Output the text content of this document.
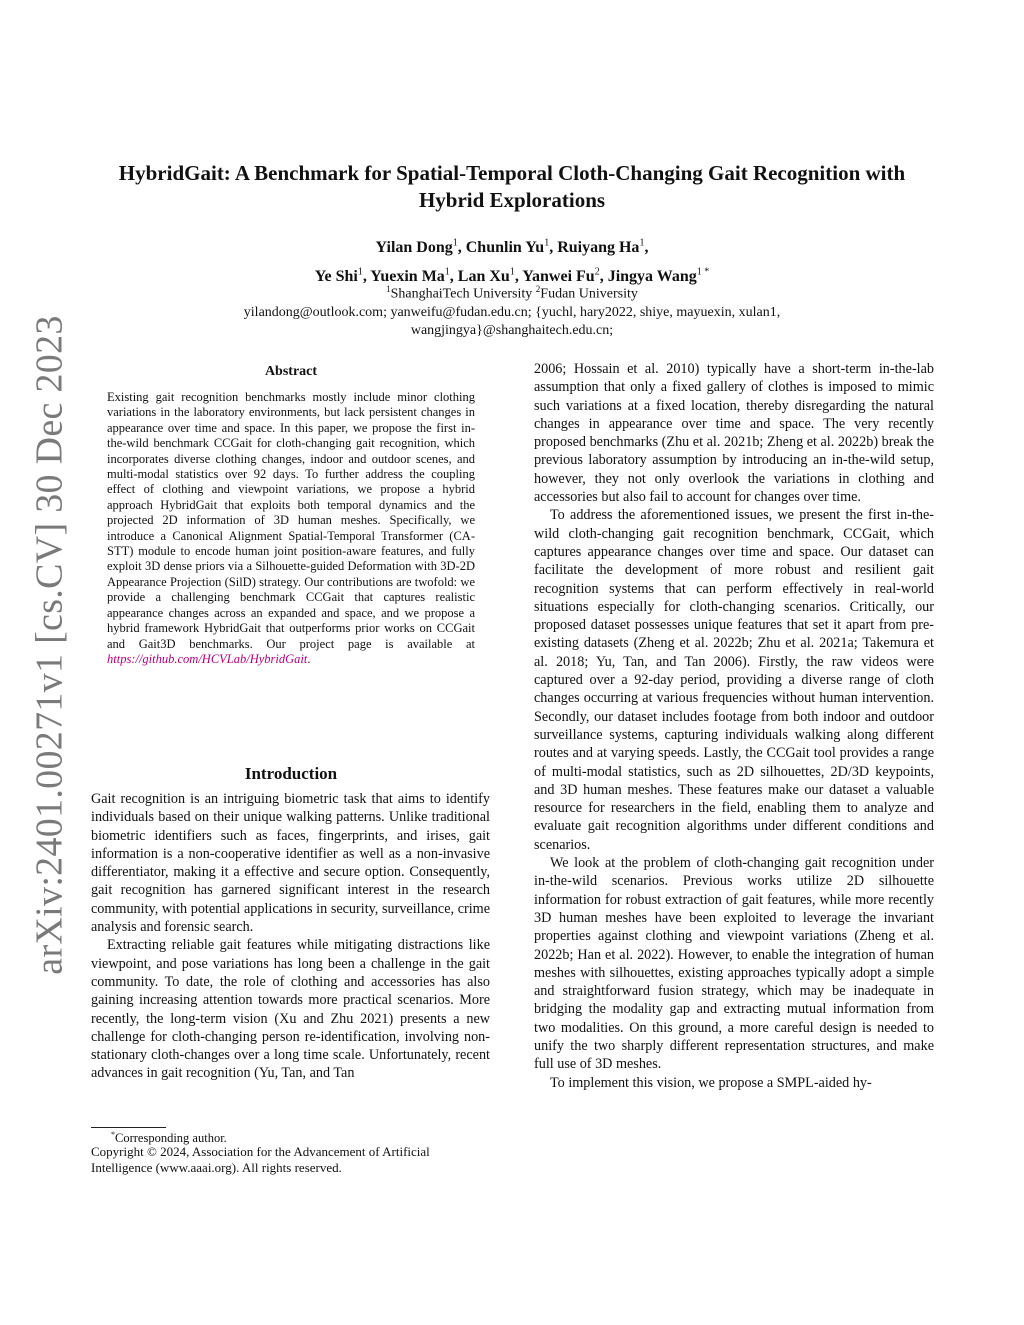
arXiv:2401.00271v1 [cs.CV] 30 Dec 2023
HybridGait: A Benchmark for Spatial-Temporal Cloth-Changing Gait Recognition with Hybrid Explorations
Yilan Dong$^1$, Chunlin Yu$^1$, Ruiyang Ha$^1$,
Ye Shi$^1$, Yuexin Ma$^1$, Lan Xu$^1$, Yanwei Fu$^2$, Jingya Wang$^{1 *}$
$^1$ShanghaiTech University $^2$Fudan University
yilandong@outlook.com; yanweifu@fudan.edu.cn; {yuchl, hary2022, shiye, mayuexin, xulan1,
wangjingya}@shanghaitech.edu.cn;
Abstract

Existing gait recognition benchmarks mostly include minor clothing variations in the laboratory environments, but lack persistent changes in appearance over time and space. In this paper, we propose the first in-the-wild benchmark CCGait for cloth-changing gait recognition, which incorporates diverse clothing changes, indoor and outdoor scenes, and multi-modal statistics over 92 days. To further address the coupling effect of clothing and viewpoint variations, we propose a hybrid approach HybridGait that exploits both temporal dynamics and the projected 2D information of 3D human meshes. Specifically, we introduce a Canonical Alignment Spatial-Temporal Transformer (CA-STT) module to encode human joint position-aware features, and fully exploit 3D dense priors via a Silhouette-guided Deformation with 3D-2D Appearance Projection (SilD) strategy. Our contributions are twofold: we provide a challenging benchmark CCGait that captures realistic appearance changes across an expanded and space, and we propose a hybrid framework HybridGait that outperforms prior works on CCGait and Gait3D benchmarks. Our project page is available at https://github.com/HCVLab/HybridGait.

Introduction

Gait recognition is an intriguing biometric task that aims to identify individuals based on their unique walking patterns. Unlike traditional biometric identifiers such as faces, fingerprints, and irises, gait information is a non-cooperative identifier as well as a non-invasive differentiator, making it a effective and secure option. Consequently, gait recognition has garnered significant interest in the research community, with potential applications in security, surveillance, crime analysis and forensic search.

Extracting reliable gait features while mitigating distractions like viewpoint, and pose variations has long been a challenge in the gait community. To date, the role of clothing and accessories has also gaining increasing attention towards more practical scenarios. More recently, the long-term vision (Xu and Zhu 2021) presents a new challenge for cloth-changing person re-identification, involving non-stationary cloth-changes over a long time scale. Unfortunately, recent advances in gait recognition (Yu, Tan, and Tan

2006; Hossain et al. 2010) typically have a short-term in-the-lab assumption that only a fixed gallery of clothes is imposed to mimic such variations at a fixed location, thereby disregarding the natural changes in appearance over time and space. The very recently proposed benchmarks (Zhu et al. 2021b; Zheng et al. 2022b) break the previous laboratory assumption by introducing an in-the-wild setup, however, they not only overlook the variations in clothing and accessories but also fail to account for changes over time.

To address the aforementioned issues, we present the first in-the-wild cloth-changing gait recognition benchmark, CCGait, which captures appearance changes over time and space. Our dataset can facilitate the development of more robust and resilient gait recognition systems that can perform effectively in real-world situations especially for cloth-changing scenarios. Critically, our proposed dataset possesses unique features that set it apart from pre-existing datasets (Zheng et al. 2022b; Zhu et al. 2021a; Takemura et al. 2018; Yu, Tan, and Tan 2006). Firstly, the raw videos were captured over a 92-day period, providing a diverse range of cloth changes occurring at various frequencies without human intervention. Secondly, our dataset includes footage from both indoor and outdoor surveillance systems, capturing individuals walking along different routes and at varying speeds. Lastly, the CCGait tool provides a range of multi-modal statistics, such as 2D silhouettes, 2D/3D keypoints, and 3D human meshes. These features make our dataset a valuable resource for researchers in the field, enabling them to analyze and evaluate gait recognition algorithms under different conditions and scenarios.

We look at the problem of cloth-changing gait recognition under in-the-wild scenarios. Previous works utilize 2D silhouette information for robust extraction of gait features, while more recently 3D human meshes have been exploited to leverage the invariant properties against clothing and viewpoint variations (Zheng et al. 2022b; Han et al. 2022). However, to enable the integration of human meshes with silhouettes, existing approaches typically adopt a simple and straightforward fusion strategy, which may be inadequate in bridging the modality gap and extracting mutual information from two modalities. On this ground, a more careful design is needed to unify the two sharply different representation structures, and make full use of 3D meshes.

To implement this vision, we propose a SMPL-aided hy-

*Corresponding author.
Copyright © 2024, Association for the Advancement of Artificial Intelligence (www.aaai.org). All rights reserved.
